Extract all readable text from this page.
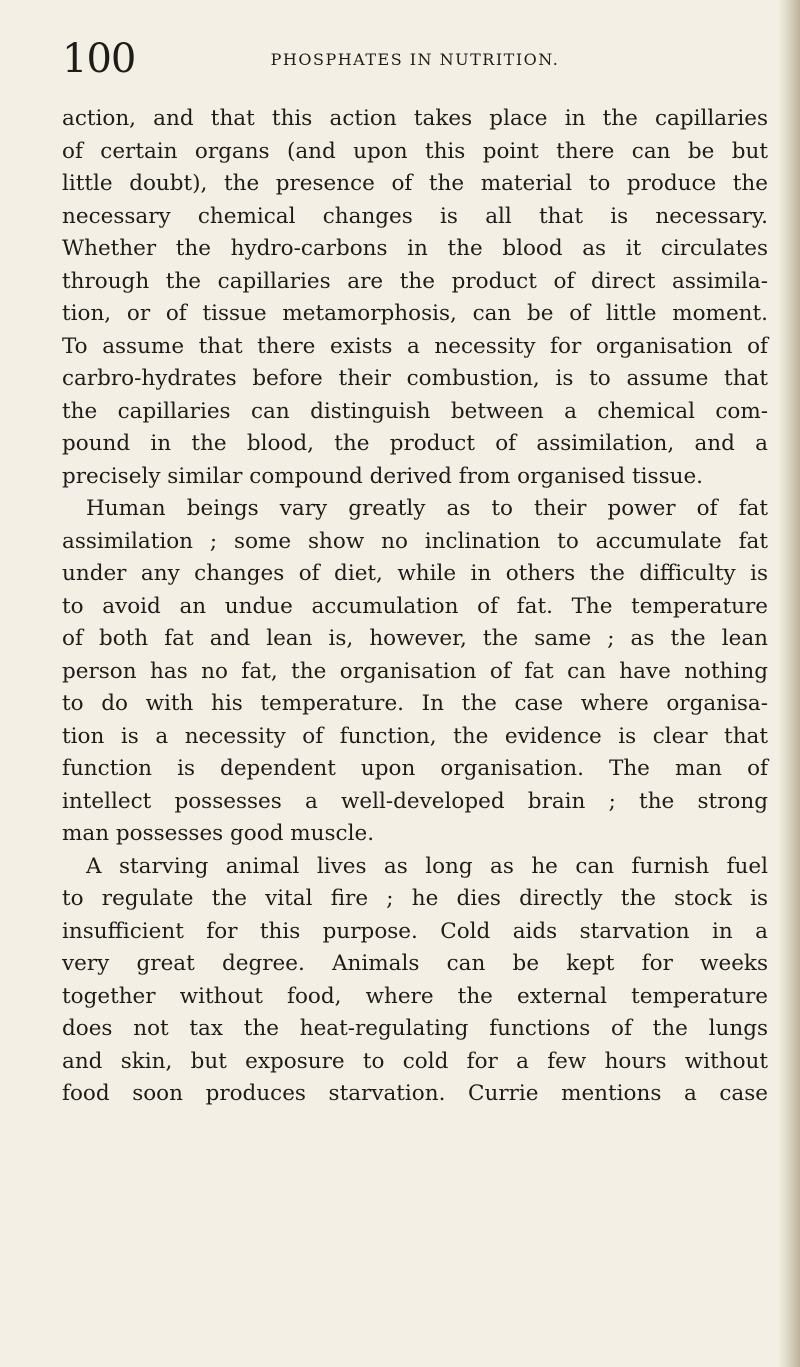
100	PHOSPHATES IN NUTRITION.
action, and that this action takes place in the capillaries
of certain organs (and upon this point there can be but
little doubt), the presence of the material to produce the
necessary chemical changes is all that is necessary.
Whether the hydro-carbons in the blood as it circulates
through the capillaries are the product of direct assimila-
tion, or of tissue metamorphosis, can be of little moment.
To assume that there exists a necessity for organisation of
carbro-hydrates before their combustion, is to assume that
the capillaries can distinguish between a chemical com-
pound in the blood, the product of assimilation, and a
precisely similar compound derived from organised tissue.
Human beings vary greatly as to their power of fat
assimilation ; some show no inclination to accumulate fat
under any changes of diet, while in others the difficulty is
to avoid an undue accumulation of fat. The temperature
of both fat and lean is, however, the same ; as the lean
person has no fat, the organisation of fat can have nothing
to do with his temperature. In the case where organisa-
tion is a necessity of function, the evidence is clear that
function is dependent upon organisation. The man of
intellect possesses a well-developed brain ; the strong
man possesses good muscle.
A starving animal lives as long as he can furnish fuel
to regulate the vital fire ; he dies directly the stock is
insufficient for this purpose. Cold aids starvation in a
very great degree. Animals can be kept for weeks
together without food, where the external temperature
does not tax the heat-regulating functions of the lungs
and skin, but exposure to cold for a few hours without
food soon produces starvation. Currie mentions a case
